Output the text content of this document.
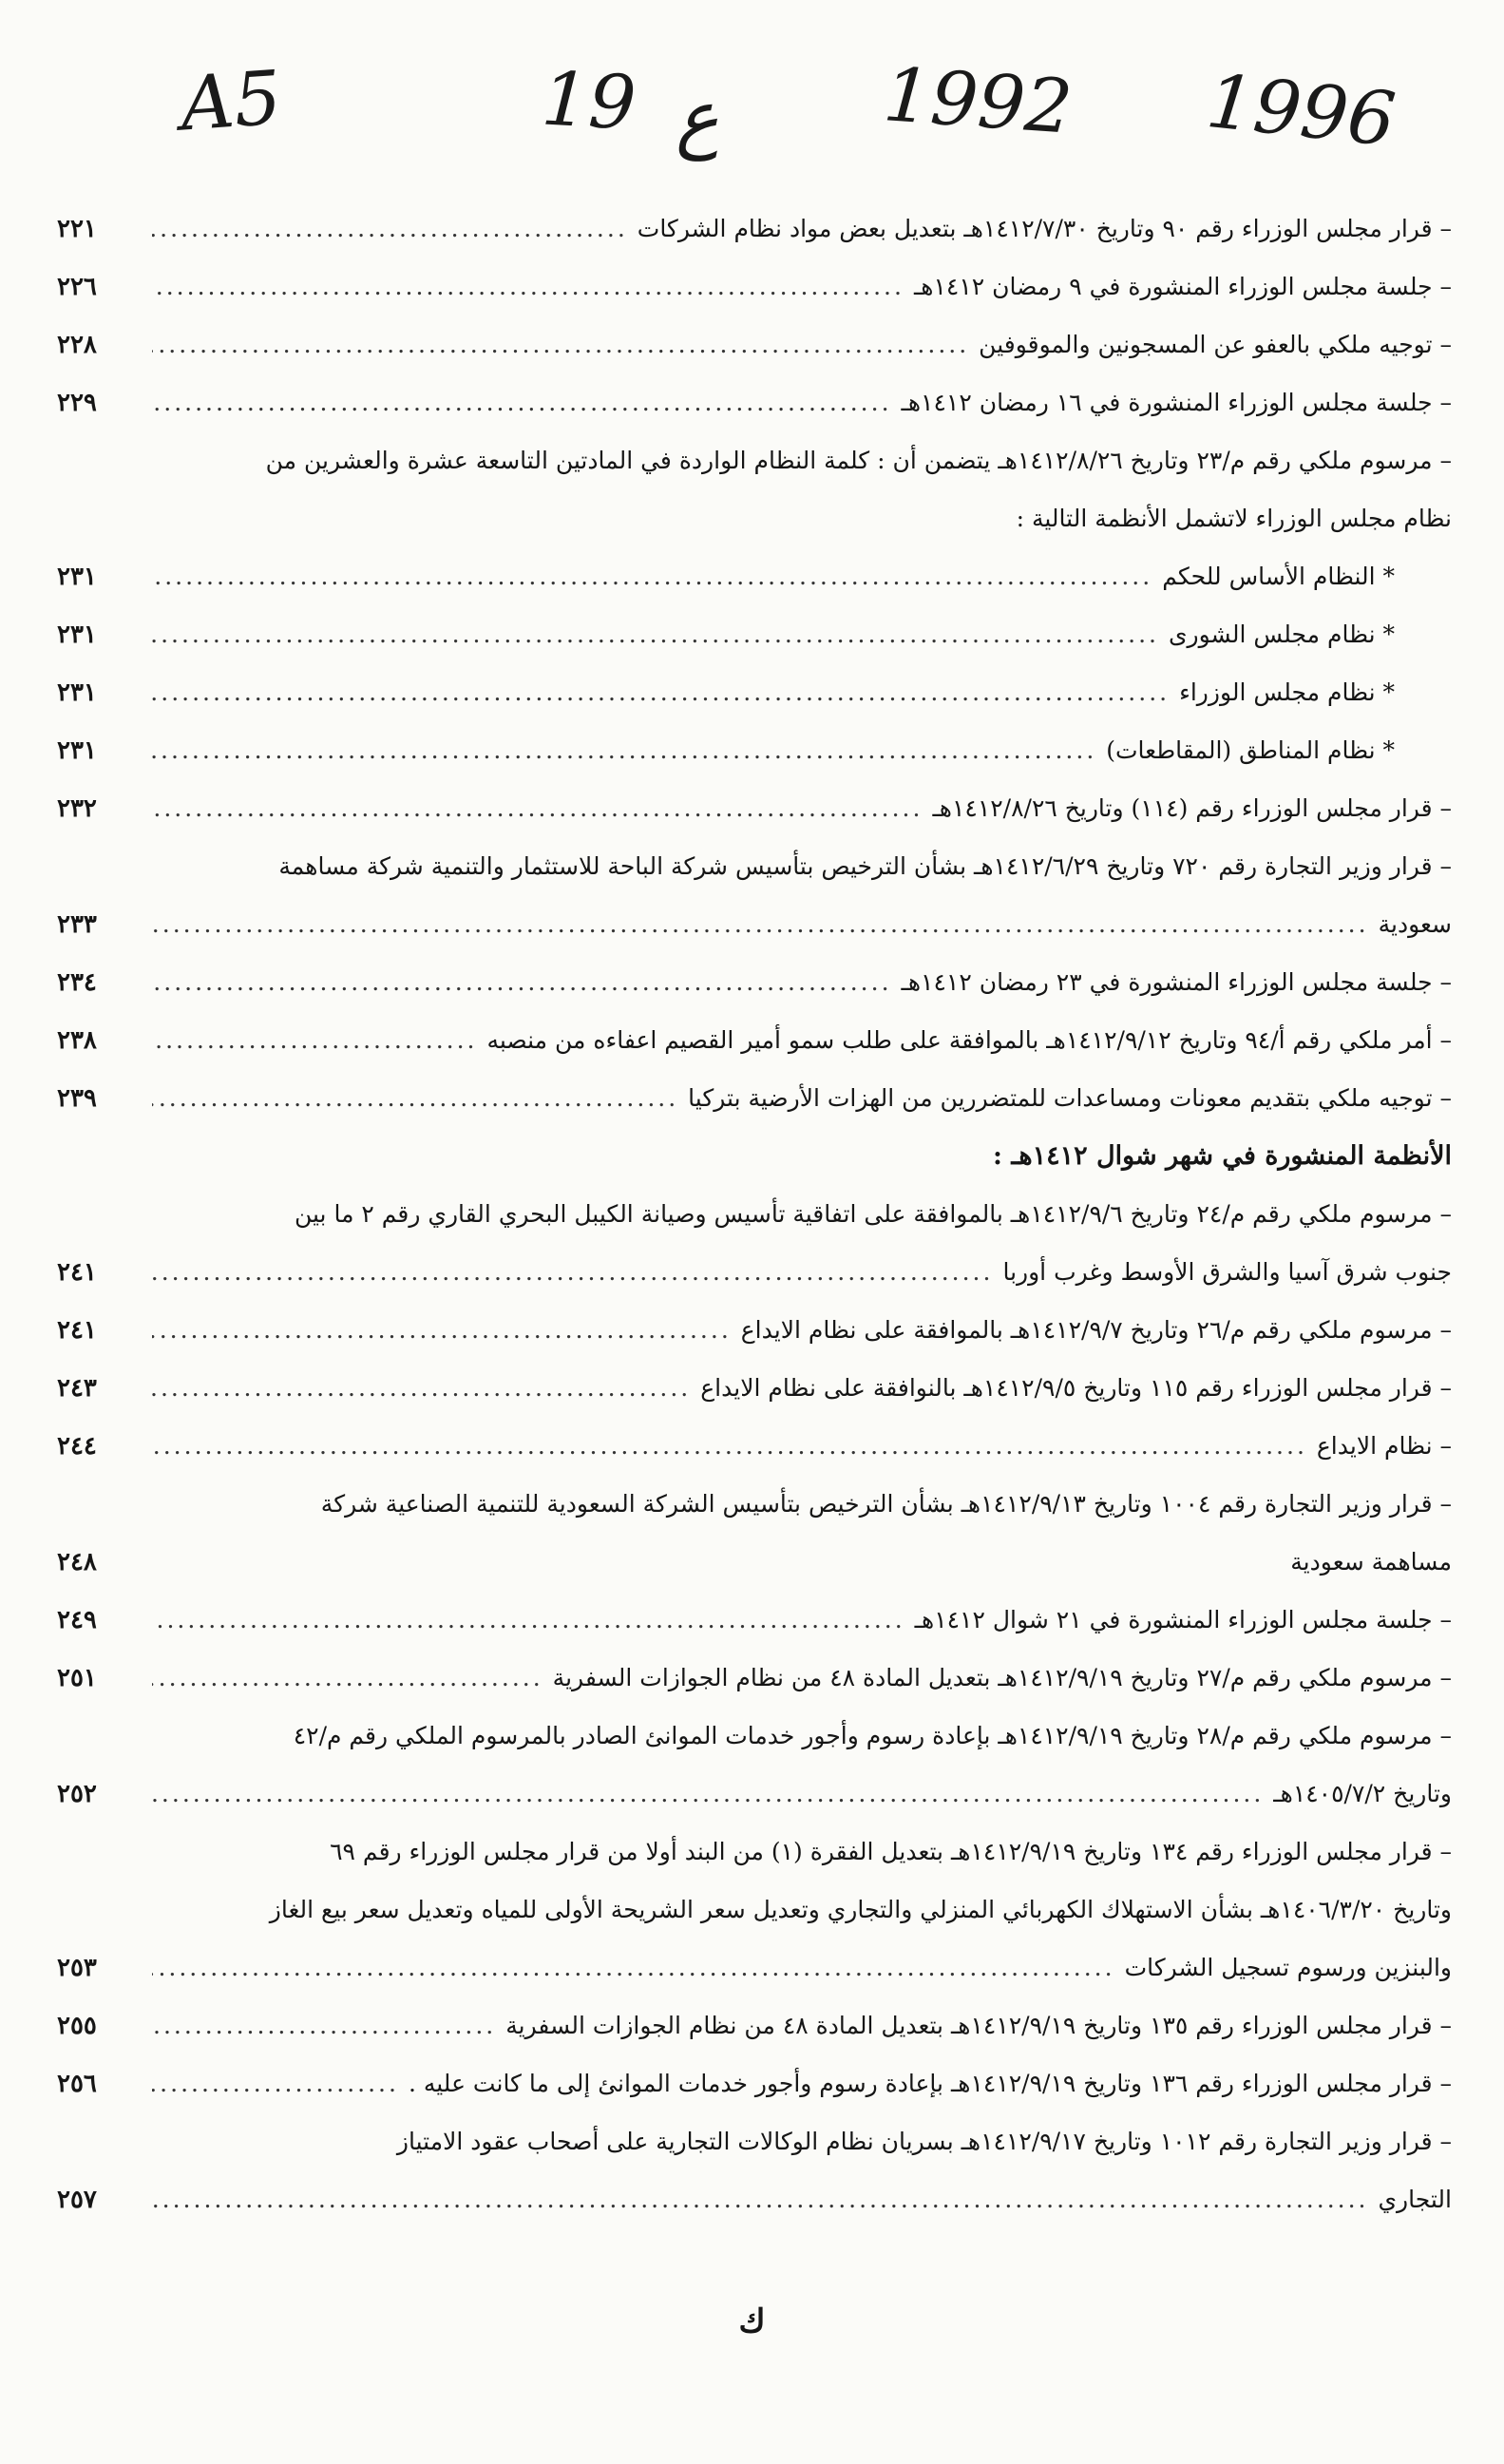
A5	19 ع 1992 1996
– قرار مجلس الوزراء رقم ٩٠ وتاريخ ١٤١٢/٧/٣٠هـ بتعديل بعض مواد نظام الشركات
.....
٢٢١
– جلسة مجلس الوزراء المنشورة في ٩ رمضان ١٤١٢هـ
.....
٢٢٦
– توجيه ملكي بالعفو عن المسجونين والموقوفين
.....
٢٢٨
– جلسة مجلس الوزراء المنشورة في ١٦ رمضان ١٤١٢هـ
.....
٢٢٩
– مرسوم ملكي رقم م/٢٣ وتاريخ ١٤١٢/٨/٢٦هـ يتضمن أن : كلمة النظام الواردة في المادتين التاسعة عشرة والعشرين من
نظام مجلس الوزراء لاتشمل الأنظمة التالية :
* النظام الأساس للحكم
.....
٢٣١
* نظام مجلس الشورى
.....
٢٣١
* نظام مجلس الوزراء
.....
٢٣١
* نظام المناطق (المقاطعات)
.....
٢٣١
– قرار مجلس الوزراء رقم (١١٤) وتاريخ ١٤١٢/٨/٢٦هـ
.....
٢٣٢
– قرار وزير التجارة رقم ٧٢٠ وتاريخ ١٤١٢/٦/٢٩هـ بشأن الترخيص بتأسيس شركة الباحة للاستثمار والتنمية شركة مساهمة
سعودية
.....
٢٣٣
– جلسة مجلس الوزراء المنشورة في ٢٣ رمضان ١٤١٢هـ
.....
٢٣٤
– أمر ملكي رقم أ/٩٤ وتاريخ ١٤١٢/٩/١٢هـ بالموافقة على طلب سمو أمير القصيم اعفاءه من منصبه
.....
٢٣٨
– توجيه ملكي بتقديم معونات ومساعدات للمتضررين من الهزات الأرضية بتركيا
.....
٢٣٩
الأنظمة المنشورة في شهر شوال ١٤١٢هـ :
– مرسوم ملكي رقم م/٢٤ وتاريخ ١٤١٢/٩/٦هـ بالموافقة على اتفاقية تأسيس وصيانة الكيبل البحري القاري رقم ٢ ما بين
جنوب شرق آسيا والشرق الأوسط وغرب أوربا
.....
٢٤١
– مرسوم ملكي رقم م/٢٦ وتاريخ ١٤١٢/٩/٧هـ بالموافقة على نظام الايداع
.....
٢٤١
– قرار مجلس الوزراء رقم ١١٥ وتاريخ ١٤١٢/٩/٥هـ بالنوافقة على نظام الايداع
.....
٢٤٣
– نظام الايداع
.....
٢٤٤
– قرار وزير التجارة رقم ١٠٠٤ وتاريخ ١٤١٢/٩/١٣هـ بشأن الترخيص بتأسيس الشركة السعودية للتنمية الصناعية شركة
مساهمة سعودية
٢٤٨
– جلسة مجلس الوزراء المنشورة في ٢١ شوال ١٤١٢هـ
.....
٢٤٩
– مرسوم ملكي رقم م/٢٧ وتاريخ ١٤١٢/٩/١٩هـ بتعديل المادة ٤٨ من نظام الجوازات السفرية
.....
٢٥١
– مرسوم ملكي رقم م/٢٨ وتاريخ ١٤١٢/٩/١٩هـ بإعادة رسوم وأجور خدمات الموانئ الصادر بالمرسوم الملكي رقم م/٤٢
وتاريخ ١٤٠٥/٧/٢هـ
.....
٢٥٢
– قرار مجلس الوزراء رقم ١٣٤ وتاريخ ١٤١٢/٩/١٩هـ بتعديل الفقرة (١) من البند أولا من قرار مجلس الوزراء رقم ٦٩
وتاريخ ١٤٠٦/٣/٢٠هـ بشأن الاستهلاك الكهربائي المنزلي والتجاري وتعديل سعر الشريحة الأولى للمياه وتعديل سعر بيع الغاز
والبنزين ورسوم تسجيل الشركات
.....
٢٥٣
– قرار مجلس الوزراء رقم ١٣٥ وتاريخ ١٤١٢/٩/١٩هـ بتعديل المادة ٤٨ من نظام الجوازات السفرية
.....
٢٥٥
– قرار مجلس الوزراء رقم ١٣٦ وتاريخ ١٤١٢/٩/١٩هـ بإعادة رسوم وأجور خدمات الموانئ إلى ما كانت عليه .
.....
٢٥٦
– قرار وزير التجارة رقم ١٠١٢ وتاريخ ١٤١٢/٩/١٧هـ بسريان نظام الوكالات التجارية على أصحاب عقود الامتياز
التجاري
.....
٢٥٧
ك
